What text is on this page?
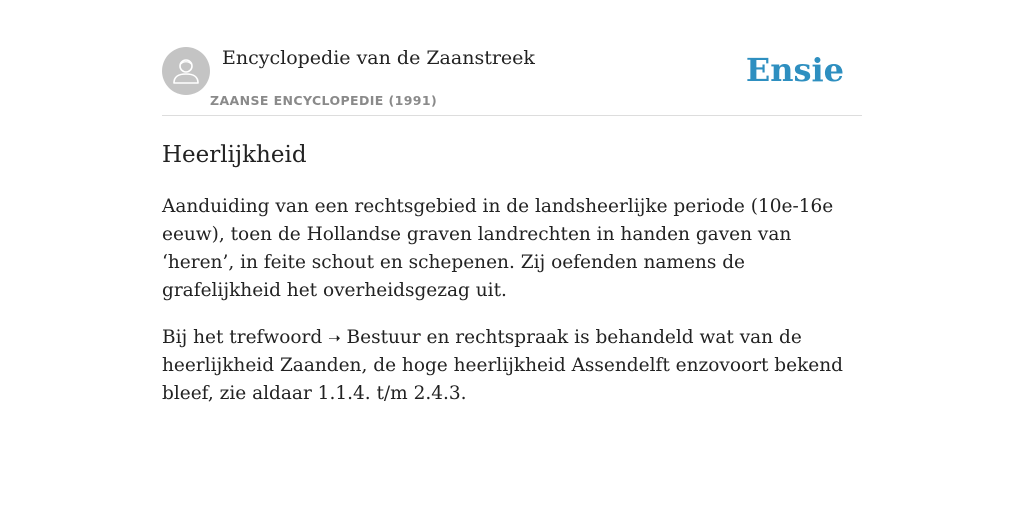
Encyclopedie van de Zaanstreek
ZAANSE ENCYCLOPEDIE (1991)
Ensie
Heerlijkheid

Aanduiding van een rechtsgebied in de landsheerlijke periode (10e-16e eeuw), toen de Hollandse graven landrechten in handen gaven van ‘heren’, in feite schout en schepenen. Zij oefenden namens de grafelijkheid het overheidsgezag uit.

Bij het trefwoord ➝ Bestuur en rechtspraak is behandeld wat van de heerlijkheid Zaanden, de hoge heerlijkheid Assendelft enzovoort bekend bleef, zie aldaar 1.1.4. t/m 2.4.3.
